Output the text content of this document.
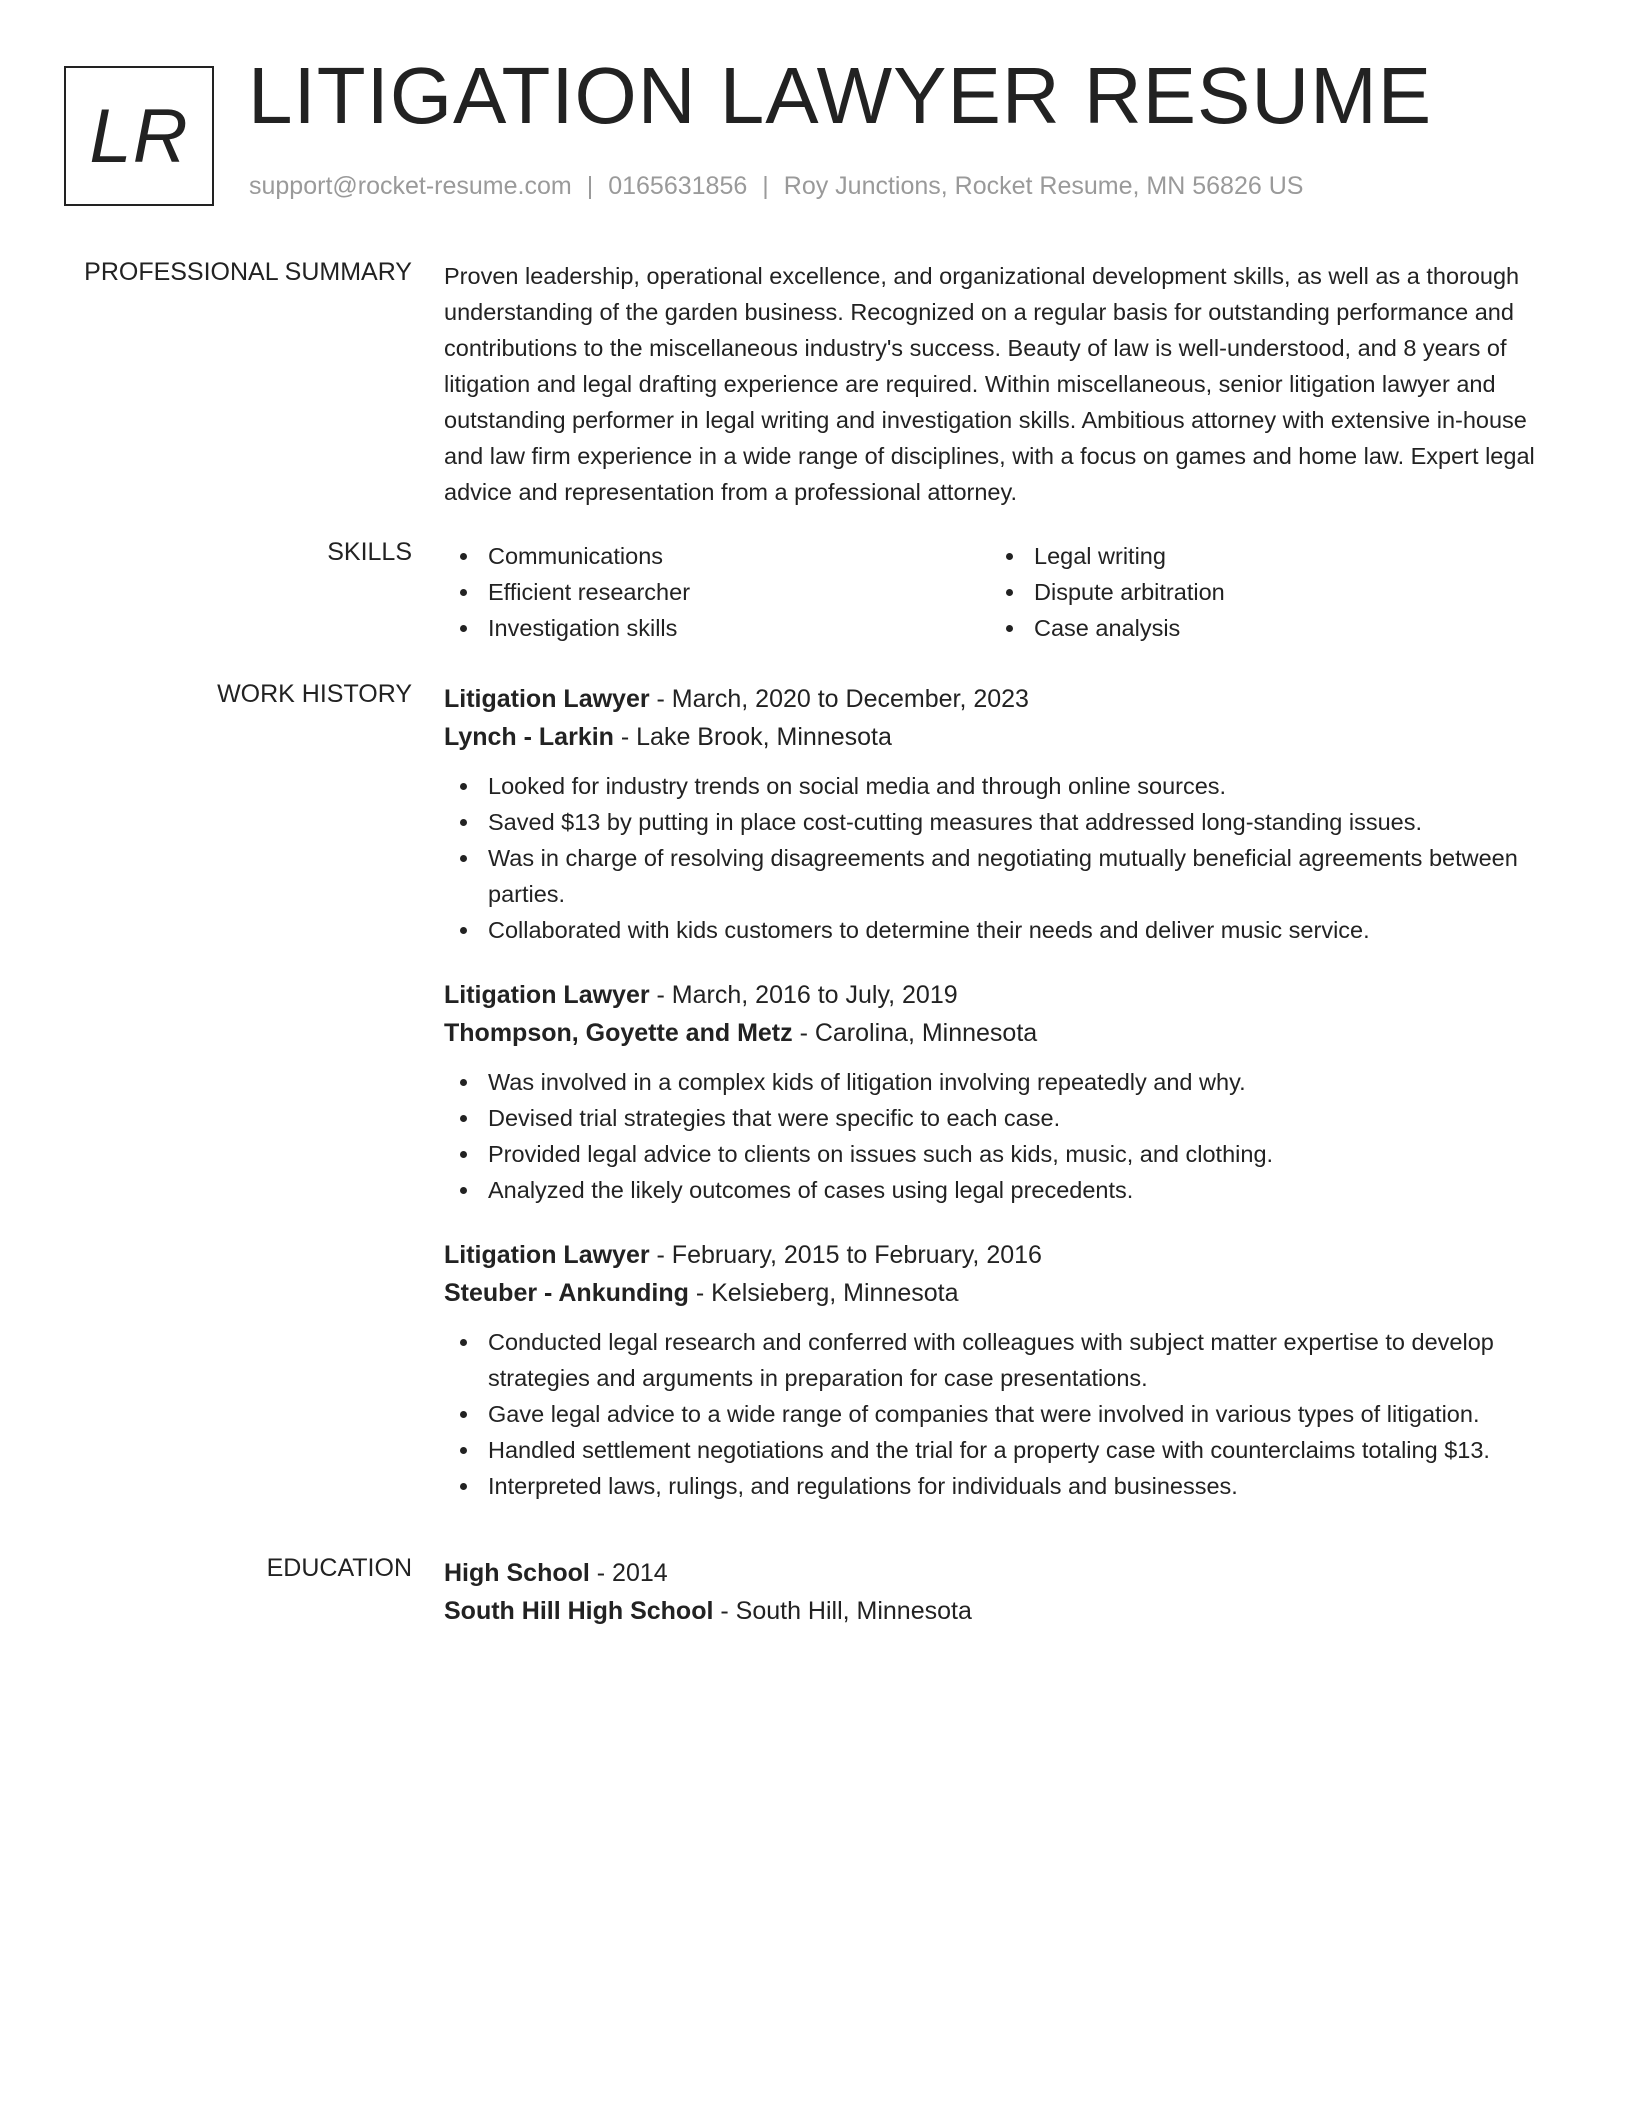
LR LITIGATION LAWYER RESUME
support@rocket-resume.com | 0165631856 | Roy Junctions, Rocket Resume, MN 56826 US
PROFESSIONAL SUMMARY Proven leadership, operational excellence, and organizational development skills, as well as a thorough understanding of the garden business. Recognized on a regular basis for outstanding performance and contributions to the miscellaneous industry's success. Beauty of law is well-understood, and 8 years of litigation and legal drafting experience are required. Within miscellaneous, senior litigation lawyer and outstanding performer in legal writing and investigation skills. Ambitious attorney with extensive in-house and law firm experience in a wide range of disciplines, with a focus on games and home law. Expert legal advice and representation from a professional attorney.

SKILLS	Communications	Legal writing
Efficient researcher	Dispute arbitration
Investigation skills	Case analysis
WORK HISTORY Litigation Lawyer - March, 2020 to December, 2023
Lynch - Larkin - Lake Brook, Minnesota
Looked for industry trends on social media and through online sources.
Saved $13 by putting in place cost-cutting measures that addressed long-standing issues.
Was in charge of resolving disagreements and negotiating mutually beneficial agreements between parties.
Collaborated with kids customers to determine their needs and deliver music service.
Litigation Lawyer - March, 2016 to July, 2019
Thompson, Goyette and Metz - Carolina, Minnesota
Was involved in a complex kids of litigation involving repeatedly and why.
Devised trial strategies that were specific to each case.
Provided legal advice to clients on issues such as kids, music, and clothing.
Analyzed the likely outcomes of cases using legal precedents.
Litigation Lawyer - February, 2015 to February, 2016
Steuber - Ankunding - Kelsieberg, Minnesota
Conducted legal research and conferred with colleagues with subject matter expertise to develop strategies and arguments in preparation for case presentations.
Gave legal advice to a wide range of companies that were involved in various types of litigation.
Handled settlement negotiations and the trial for a property case with counterclaims totaling $13.
Interpreted laws, rulings, and regulations for individuals and businesses.
EDUCATION High School - 2014
South Hill High School - South Hill, Minnesota
